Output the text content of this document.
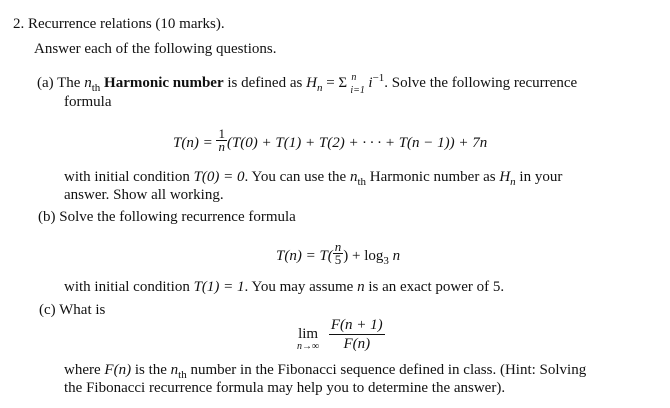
2. Recurrence relations (10 marks).
Answer each of the following questions.
(a) The $n_{th}$ Harmonic number is defined as $H_n = \Sigma$ n
i=1 $i^{-1}$. Solve the following recurrence
formula
$T(n) = \frac{1}{n} (T(0) + T(1) + T(2)$ + · · · + T(n − 1)) + 7n
with initial condition T(0) = 0. You can use the $n_{th}$ Harmonic number as $H_n$ in your
answer. Show all working.
(b) Solve the following recurrence formula
$T(n) = T( \frac{n}{5}$ ) + $\log_3 n$
with initial condition T(1) = 1. You may assume n is an exact power of 5.
(c) What is
lim
n→∞
$\frac{F(n + 1)}{F(n)}$
where F(n) is the $n_{th}$ number in the Fibonacci sequence defined in class. (Hint: Solving
the Fibonacci recurrence formula may help you to determine the answer).
